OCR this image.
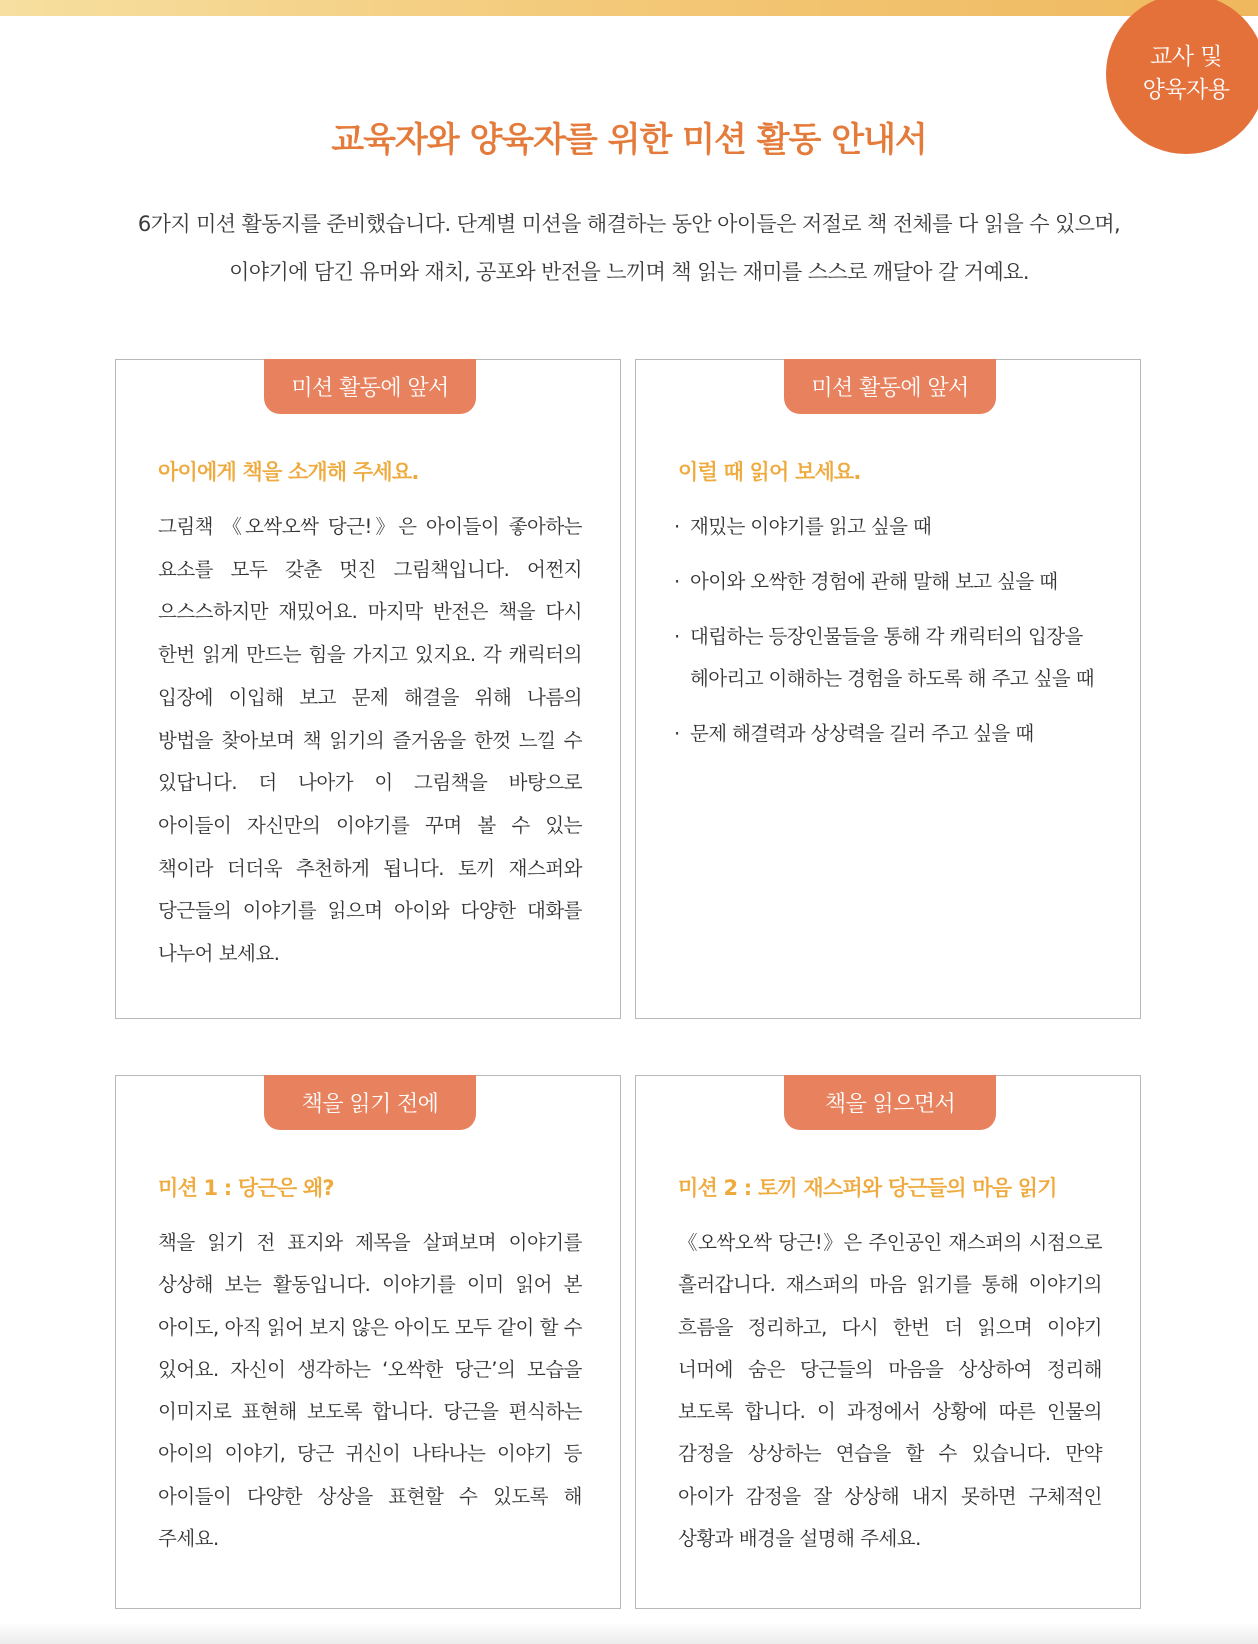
교사 및
양육자용
교육자와 양육자를 위한 미션 활동 안내서

6가지 미션 활동지를 준비했습니다. 단계별 미션을 해결하는 동안 아이들은 저절로 책 전체를 다 읽을 수 있으며,

이야기에 담긴 유머와 재치, 공포와 반전을 느끼며 책 읽는 재미를 스스로 깨달아 갈 거예요.

미션 활동에 앞서
아이에게 책을 소개해 주세요.

그림책 《오싹오싹 당근!》은 아이들이 좋아하는 요소를 모두 갖춘 멋진 그림책입니다. 어쩐지 으스스하지만 재밌어요. 마지막 반전은 책을 다시 한번 읽게 만드는 힘을 가지고 있지요. 각 캐릭터의 입장에 이입해 보고 문제 해결을 위해 나름의 방법을 찾아보며 책 읽기의 즐거움을 한껏 느낄 수 있답니다. 더 나아가 이 그림책을 바탕으로 아이들이 자신만의 이야기를 꾸며 볼 수 있는 책이라 더더욱 추천하게 됩니다. 토끼 재스퍼와 당근들의 이야기를 읽으며 아이와 다양한 대화를 나누어 보세요.

미션 활동에 앞서
이럴 때 읽어 보세요.
· 재밌는 이야기를 읽고 싶을 때
· 아이와 오싹한 경험에 관해 말해 보고 싶을 때
· 대립하는 등장인물들을 통해 각 캐릭터의 입장을 헤아리고 이해하는 경험을 하도록 해 주고 싶을 때
· 문제 해결력과 상상력을 길러 주고 싶을 때
책을 읽기 전에
미션 1 : 당근은 왜?

책을 읽기 전 표지와 제목을 살펴보며 이야기를 상상해 보는 활동입니다. 이야기를 이미 읽어 본 아이도, 아직 읽어 보지 않은 아이도 모두 같이 할 수 있어요. 자신이 생각하는 ‘오싹한 당근’의 모습을 이미지로 표현해 보도록 합니다. 당근을 편식하는 아이의 이야기, 당근 귀신이 나타나는 이야기 등 아이들이 다양한 상상을 표현할 수 있도록 해 주세요.

책을 읽으면서
미션 2 : 토끼 재스퍼와 당근들의 마음 읽기

《오싹오싹 당근!》은 주인공인 재스퍼의 시점으로 흘러갑니다. 재스퍼의 마음 읽기를 통해 이야기의 흐름을 정리하고, 다시 한번 더 읽으며 이야기 너머에 숨은 당근들의 마음을 상상하여 정리해 보도록 합니다. 이 과정에서 상황에 따른 인물의 감정을 상상하는 연습을 할 수 있습니다. 만약 아이가 감정을 잘 상상해 내지 못하면 구체적인 상황과 배경을 설명해 주세요.
